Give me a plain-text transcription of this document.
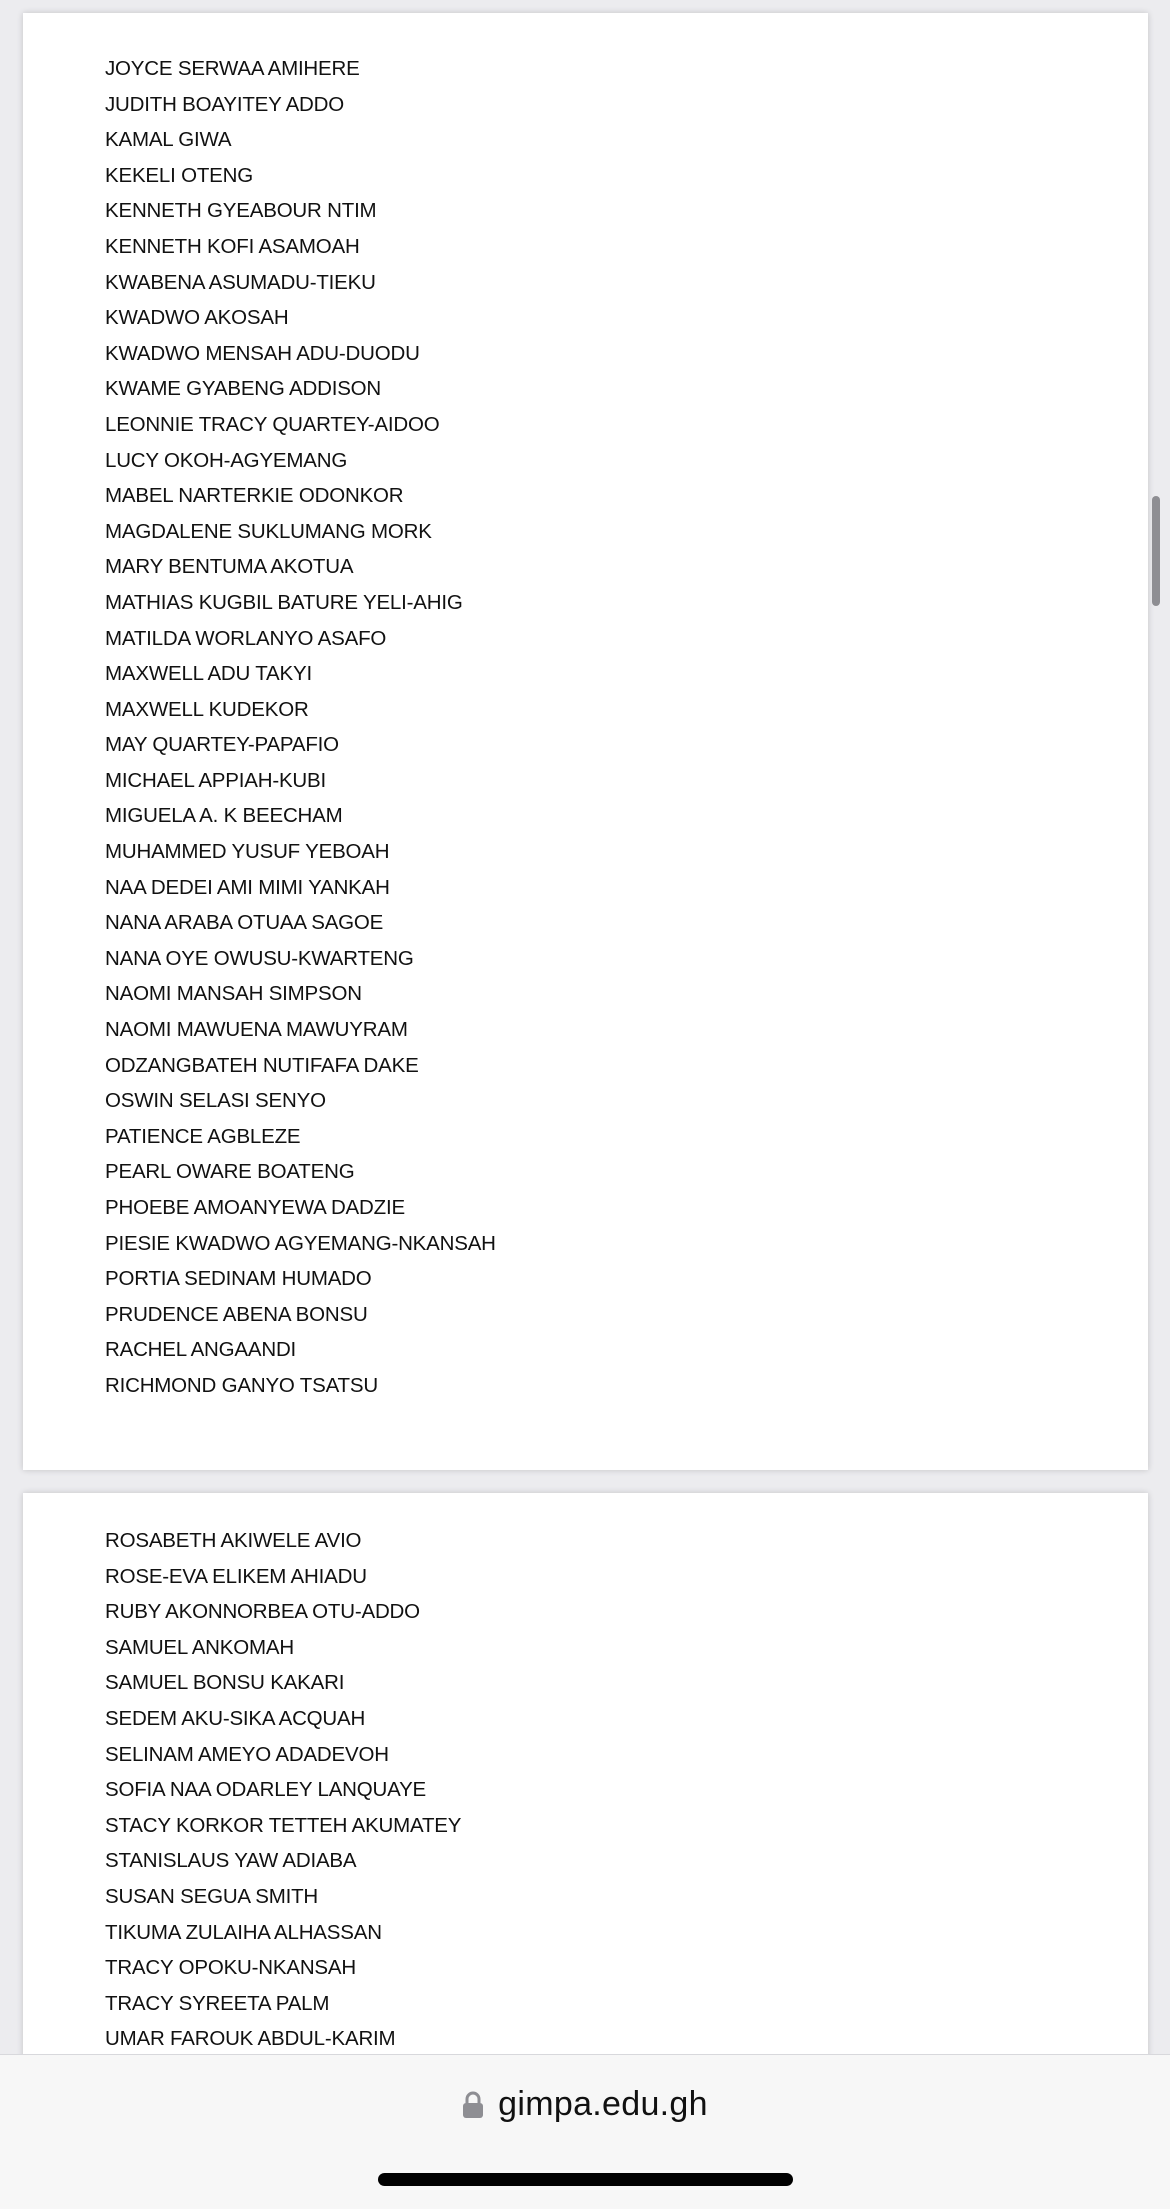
JOYCE SERWAA AMIHERE
JUDITH BOAYITEY ADDO
KAMAL GIWA
KEKELI OTENG
KENNETH GYEABOUR NTIM
KENNETH KOFI ASAMOAH
KWABENA ASUMADU-TIEKU
KWADWO AKOSAH
KWADWO MENSAH ADU-DUODU
KWAME GYABENG ADDISON
LEONNIE TRACY QUARTEY-AIDOO
LUCY OKOH-AGYEMANG
MABEL NARTERKIE ODONKOR
MAGDALENE SUKLUMANG MORK
MARY BENTUMA AKOTUA
MATHIAS KUGBIL BATURE YELI-AHIG
MATILDA WORLANYO ASAFO
MAXWELL ADU TAKYI
MAXWELL KUDEKOR
MAY QUARTEY-PAPAFIO
MICHAEL APPIAH-KUBI
MIGUELA A. K BEECHAM
MUHAMMED YUSUF YEBOAH
NAA DEDEI AMI MIMI YANKAH
NANA ARABA OTUAA SAGOE
NANA OYE OWUSU-KWARTENG
NAOMI MANSAH SIMPSON
NAOMI MAWUENA MAWUYRAM
ODZANGBATEH NUTIFAFA DAKE
OSWIN SELASI SENYO
PATIENCE AGBLEZE
PEARL OWARE BOATENG
PHOEBE AMOANYEWA DADZIE
PIESIE KWADWO AGYEMANG-NKANSAH
PORTIA SEDINAM HUMADO
PRUDENCE ABENA BONSU
RACHEL ANGAANDI
RICHMOND GANYO TSATSU
ROSABETH AKIWELE AVIO
ROSE-EVA ELIKEM AHIADU
RUBY AKONNORBEA OTU-ADDO
SAMUEL ANKOMAH
SAMUEL BONSU KAKARI
SEDEM AKU-SIKA ACQUAH
SELINAM AMEYO ADADEVOH
SOFIA NAA ODARLEY LANQUAYE
STACY KORKOR TETTEH AKUMATEY
STANISLAUS YAW ADIABA
SUSAN SEGUA SMITH
TIKUMA ZULAIHA ALHASSAN
TRACY OPOKU-NKANSAH
TRACY SYREETA PALM
UMAR FAROUK ABDUL-KARIM
gimpa.edu.gh
